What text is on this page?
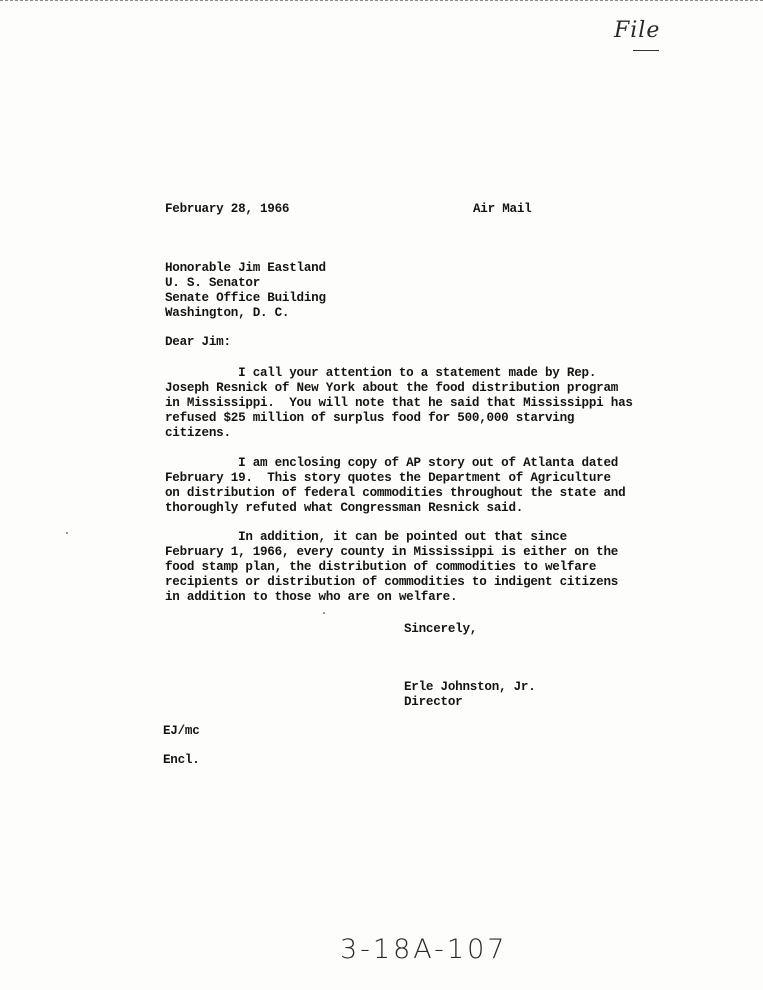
File
February 28, 1966	Air Mail
Honorable Jim Eastland
U. S. Senator
Senate Office Building
Washington, D. C.
Dear Jim:
I call your attention to a statement made by Rep.
Joseph Resnick of New York about the food distribution program
in Mississippi.  You will note that he said that Mississippi has
refused $25 million of surplus food for 500,000 starving
citizens.
I am enclosing copy of AP story out of Atlanta dated
February 19.  This story quotes the Department of Agriculture
on distribution of federal commodities throughout the state and
thoroughly refuted what Congressman Resnick said.
In addition, it can be pointed out that since
February 1, 1966, every county in Mississippi is either on the
food stamp plan, the distribution of commodities to welfare
recipients or distribution of commodities to indigent citizens
in addition to those who are on welfare.
Sincerely,
Erle Johnston, Jr.
Director
EJ/mc
Encl.
3-18A-107
